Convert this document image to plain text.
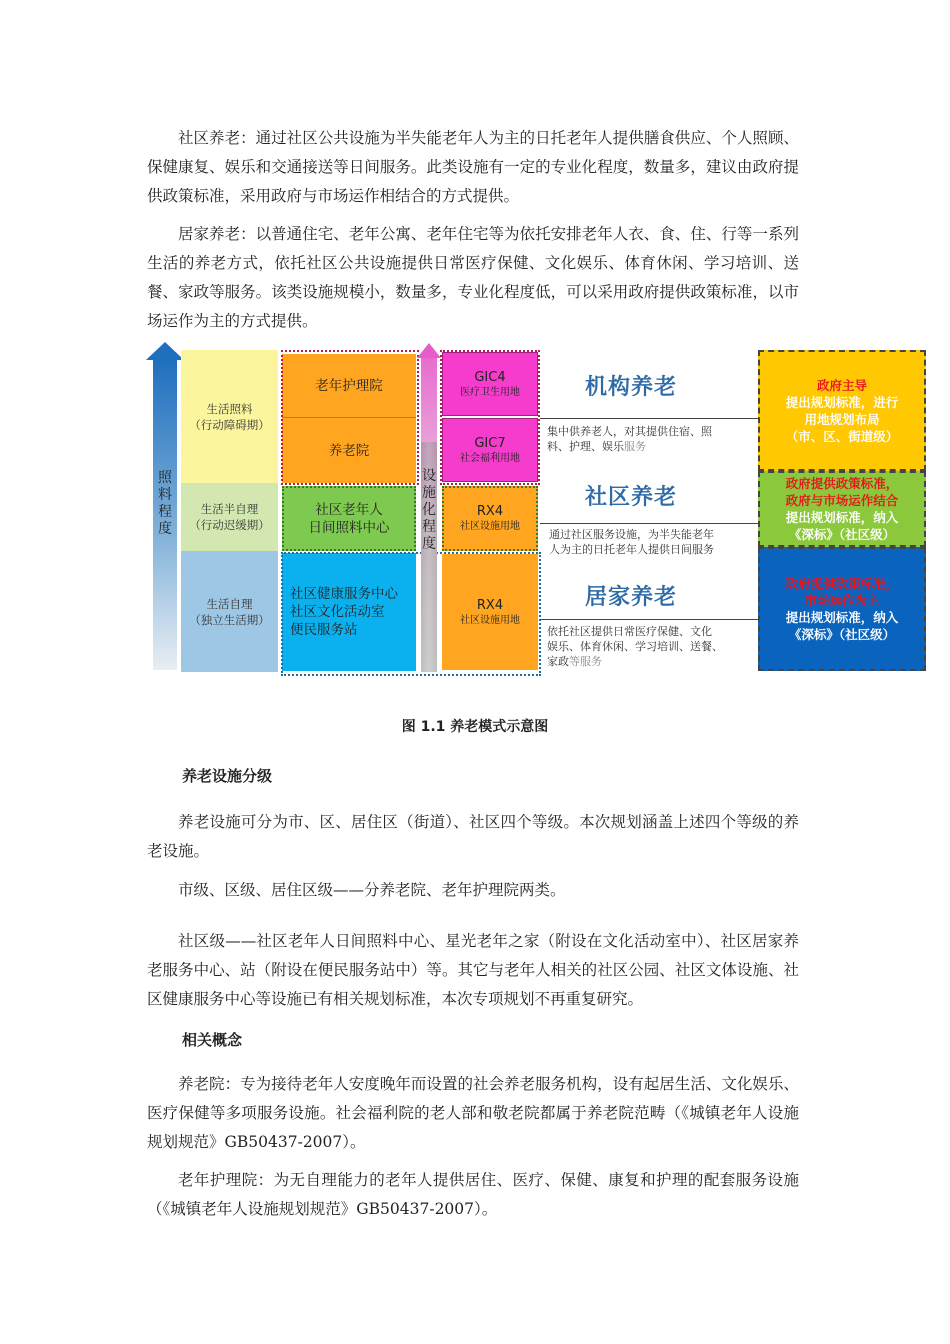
社区养老：通过社区公共设施为半失能老年人为主的日托老年人提供膳食供应、个人照顾、保健康复、娱乐和交通接送等日间服务。此类设施有一定的专业化程度，数量多，建议由政府提供政策标准，采用政府与市场运作相结合的方式提供。

居家养老：以普通住宅、老年公寓、老年住宅等为依托安排老年人衣、食、住、行等一系列生活的养老方式，依托社区公共设施提供日常医疗保健、文化娱乐、体育休闲、学习培训、送餐、家政等服务。该类设施规模小，数量多，专业化程度低，可以采用政府提供政策标准，以市场运作为主的方式提供。

照料程度
生活照料
（行动障碍期）
生活半自理
（行动迟缓期）
生活自理
（独立生活期）
老年护理院
养老院
社区老年人
日间照料中心
社区健康服务中心
社区文化活动室
便民服务站
设施化程度
GIC4
医疗卫生用地
GIC7
社会福利用地
RX4
社区设施用地
RX4
社区设施用地
机构养老
集中供养老人，对其提供住宿、照
料、护理、娱乐服务
社区养老
通过社区服务设施，为半失能老年
人为主的日托老年人提供日间服务
居家养老
依托社区提供日常医疗保健、文化
娱乐、体育休闲、学习培训、送餐、
家政等服务
政府主导
提出规划标准，进行
用地规划布局
（市、区、街道级）
政府提供政策标准，
政府与市场运作结合
提出规划标准，纳入
《深标》（社区级）
政府提供政策标准，
市场运作为主
提出规划标准，纳入
《深标》（社区级）
图 1.1 养老模式示意图

养老设施分级

养老设施可分为市、区、居住区（街道）、社区四个等级。本次规划涵盖上述四个等级的养老设施。

市级、区级、居住区级——分养老院、老年护理院两类。

社区级——社区老年人日间照料中心、星光老年之家（附设在文化活动室中）、社区居家养老服务中心、站（附设在便民服务站中）等。其它与老年人相关的社区公园、社区文体设施、社区健康服务中心等设施已有相关规划标准，本次专项规划不再重复研究。

相关概念

养老院：专为接待老年人安度晚年而设置的社会养老服务机构，设有起居生活、文化娱乐、医疗保健等多项服务设施。社会福利院的老人部和敬老院都属于养老院范畴（《城镇老年人设施规划规范》GB50437-2007）。

老年护理院：为无自理能力的老年人提供居住、医疗、保健、康复和护理的配套服务设施（《城镇老年人设施规划规范》GB50437-2007）。
